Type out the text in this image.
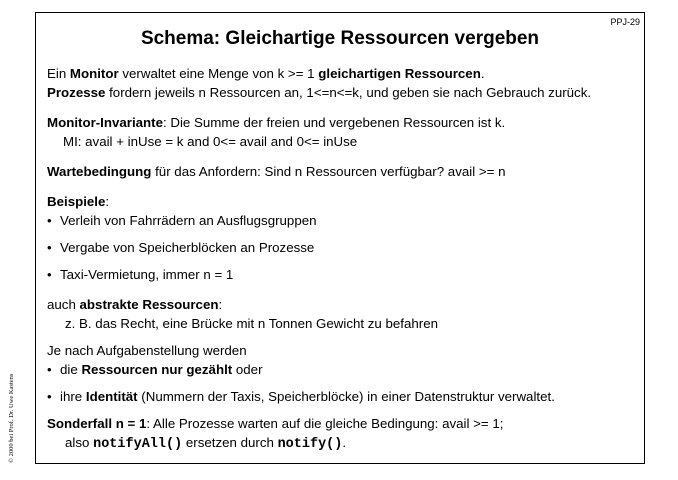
PPJ-29
Schema: Gleichartige Ressourcen vergeben
© 2000 bei Prof. Dr. Uwe Kastens
Ein Monitor verwaltet eine Menge von k >= 1 gleichartigen Ressourcen.
Prozesse fordern jeweils n Ressourcen an, 1<=n<=k, und geben sie nach Gebrauch zurück.
Monitor-Invariante: Die Summe der freien und vergebenen Ressourcen ist k.
MI: avail + inUse = k and 0<= avail and 0<= inUse
Wartebedingung für das Anfordern: Sind n Ressourcen verfügbar? avail >= n
Beispiele:
• Verleih von Fahrrädern an Ausflugsgruppen
• Vergabe von Speicherblöcken an Prozesse
• Taxi-Vermietung, immer n = 1
auch abstrakte Ressourcen:
z. B. das Recht, eine Brücke mit n Tonnen Gewicht zu befahren
Je nach Aufgabenstellung werden
• die Ressourcen nur gezählt oder
• ihre Identität (Nummern der Taxis, Speicherblöcke) in einer Datenstruktur verwaltet.
Sonderfall n = 1: Alle Prozesse warten auf die gleiche Bedingung: avail >= 1;
also notifyAll() ersetzen durch notify().
